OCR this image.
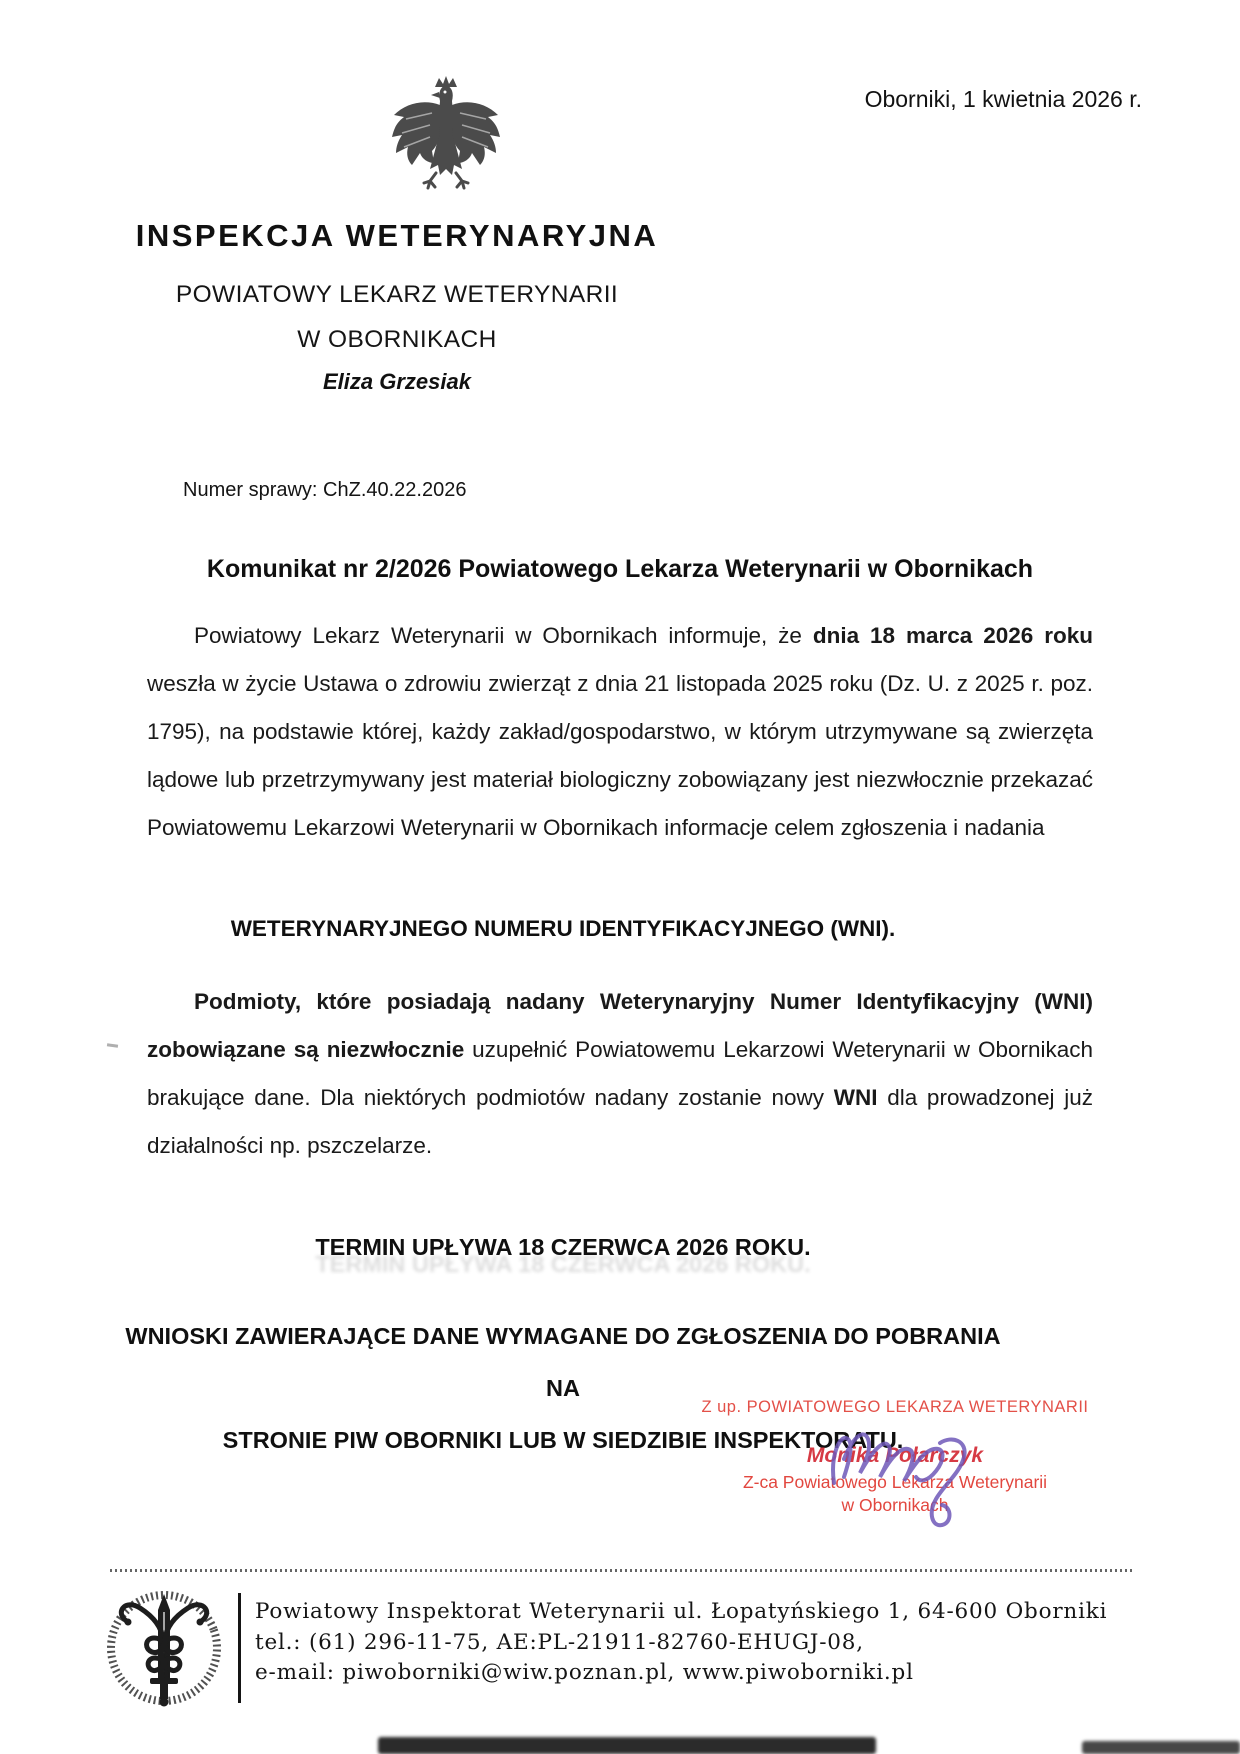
Oborniki, 1 kwietnia 2026 r.
INSPEKCJA WETERYNARYJNA
POWIATOWY LEKARZ WETERYNARII
W OBORNIKACH
Eliza Grzesiak
Numer sprawy: ChZ.40.22.2026
Komunikat nr 2/2026 Powiatowego Lekarza Weterynarii w Obornikach

Powiatowy Lekarz Weterynarii w Obornikach informuje, że dnia 18 marca 2026 roku weszła w życie Ustawa o zdrowiu zwierząt z dnia 21 listopada 2025 roku (Dz. U. z 2025 r. poz. 1795), na podstawie której, każdy zakład/gospodarstwo, w którym utrzymywane są zwierzęta lądowe lub przetrzymywany jest materiał biologiczny zobowiązany jest niezwłocznie przekazać Powiatowemu Lekarzowi Weterynarii w Obornikach informacje celem zgłoszenia i nadania

WETERYNARYJNEGO NUMERU IDENTYFIKACYJNEGO (WNI).

Podmioty, które posiadają nadany Weterynaryjny Numer Identyfikacyjny (WNI) zobowiązane są niezwłocznie uzupełnić Powiatowemu Lekarzowi Weterynarii w Obornikach brakujące dane. Dla niektórych podmiotów nadany zostanie nowy WNI dla prowadzonej już działalności np. pszczelarze.

TERMIN UPŁYWA 18 CZERWCA 2026 ROKU.
WNIOSKI ZAWIERAJĄCE DANE WYMAGANE DO ZGŁOSZENIA DO POBRANIA NA
STRONIE PIW OBORNIKI LUB W SIEDZIBIE INSPEKTORATU.
Z up. POWIATOWEGO LEKARZA WETERYNARII
Monika Połarczyk
Z-ca Powiatowego Lekarza Weterynarii
w Obornikach
Powiatowy Inspektorat Weterynarii ul. Łopatyńskiego 1, 64-600 Oborniki
tel.: (61) 296-11-75, AE:PL-21911-82760-EHUGJ-08,
e-mail: piwoborniki@wiw.poznan.pl, www.piwoborniki.pl
